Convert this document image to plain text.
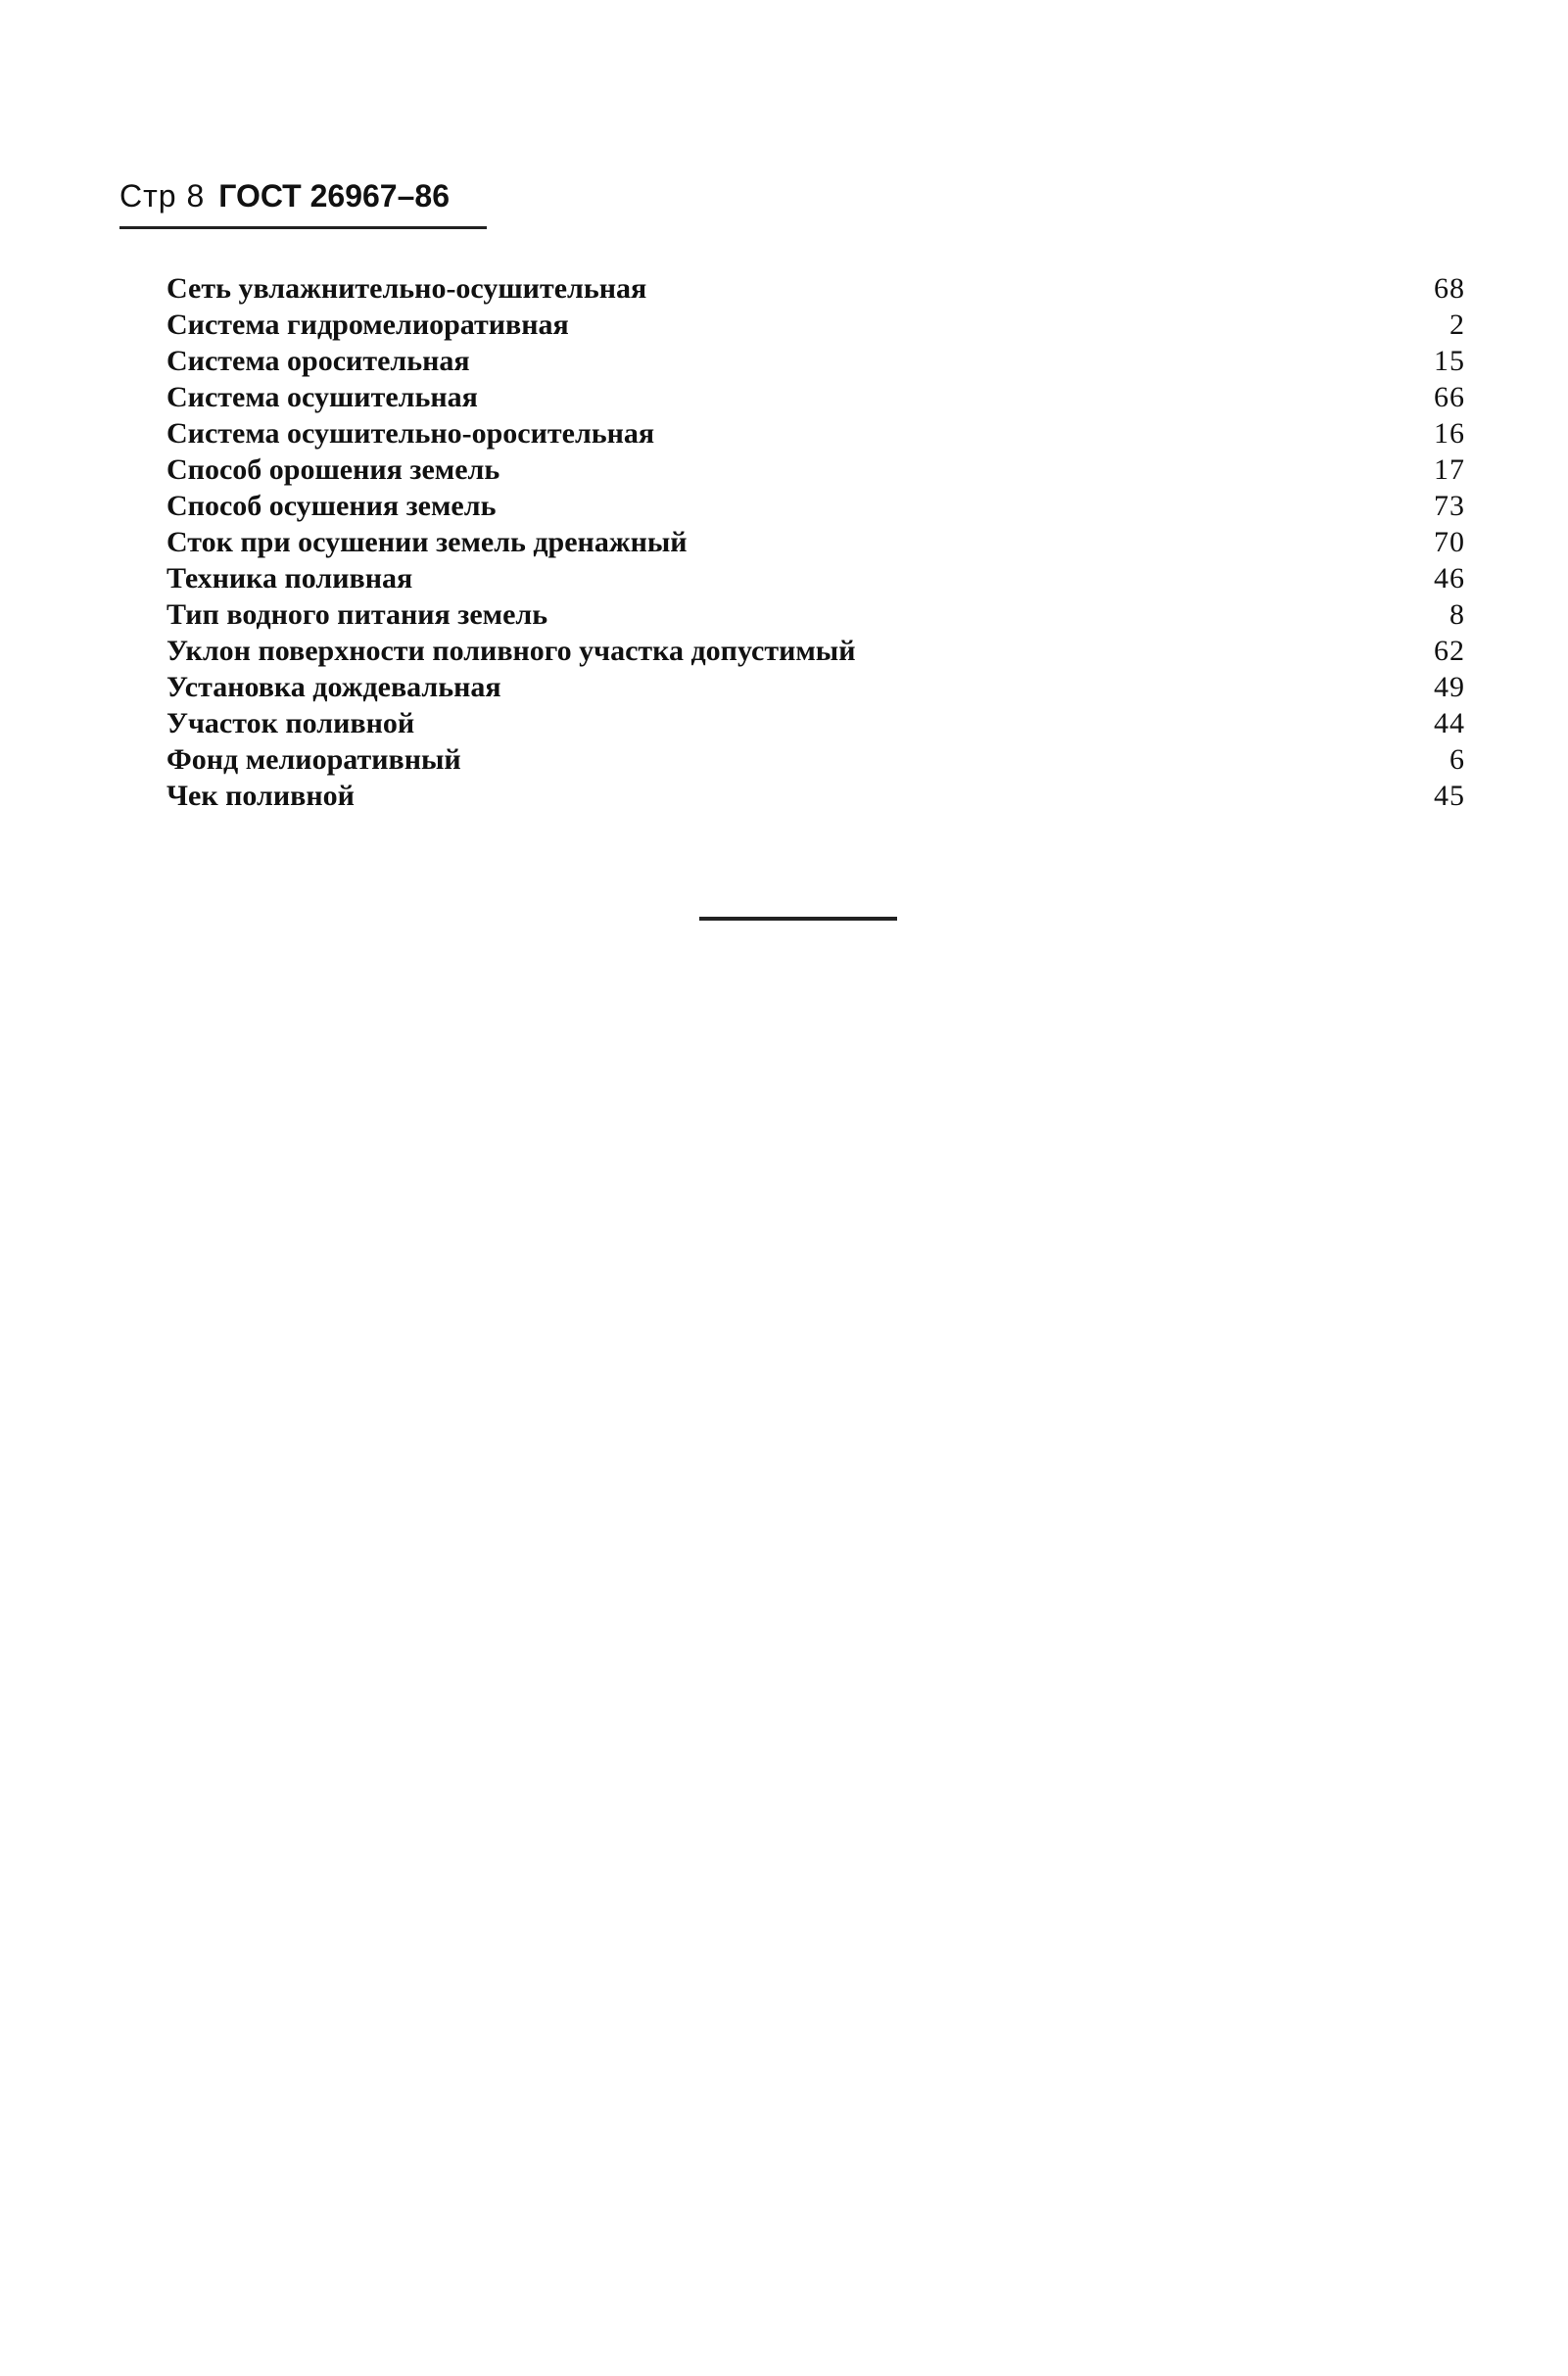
Стр 8 ГОСТ 26967–86
Сеть увлажнительно-осушительная	68
Система гидромелиоративная	2
Система оросительная	15
Система осушительная	66
Система осушительно-оросительная	16
Способ орошения земель	17
Способ осушения земель	73
Сток при осушении земель дренажный	70
Техника поливная	46
Тип водного питания земель	8
Уклон поверхности поливного участка допустимый	62
Установка дождевальная	49
Участок поливной	44
Фонд мелиоративный	6
Чек поливной	45
